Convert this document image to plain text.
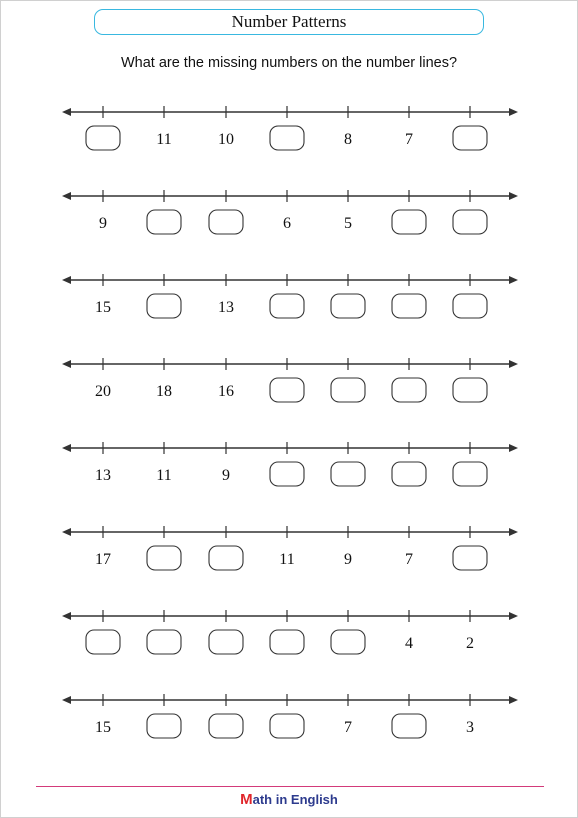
Number Patterns
What are the missing numbers on the number lines?
11	10	8	7
9	6	5
15	13
20	18	16
13	11	9
17	11	9	7
4	2
15	7	3
Math in English
